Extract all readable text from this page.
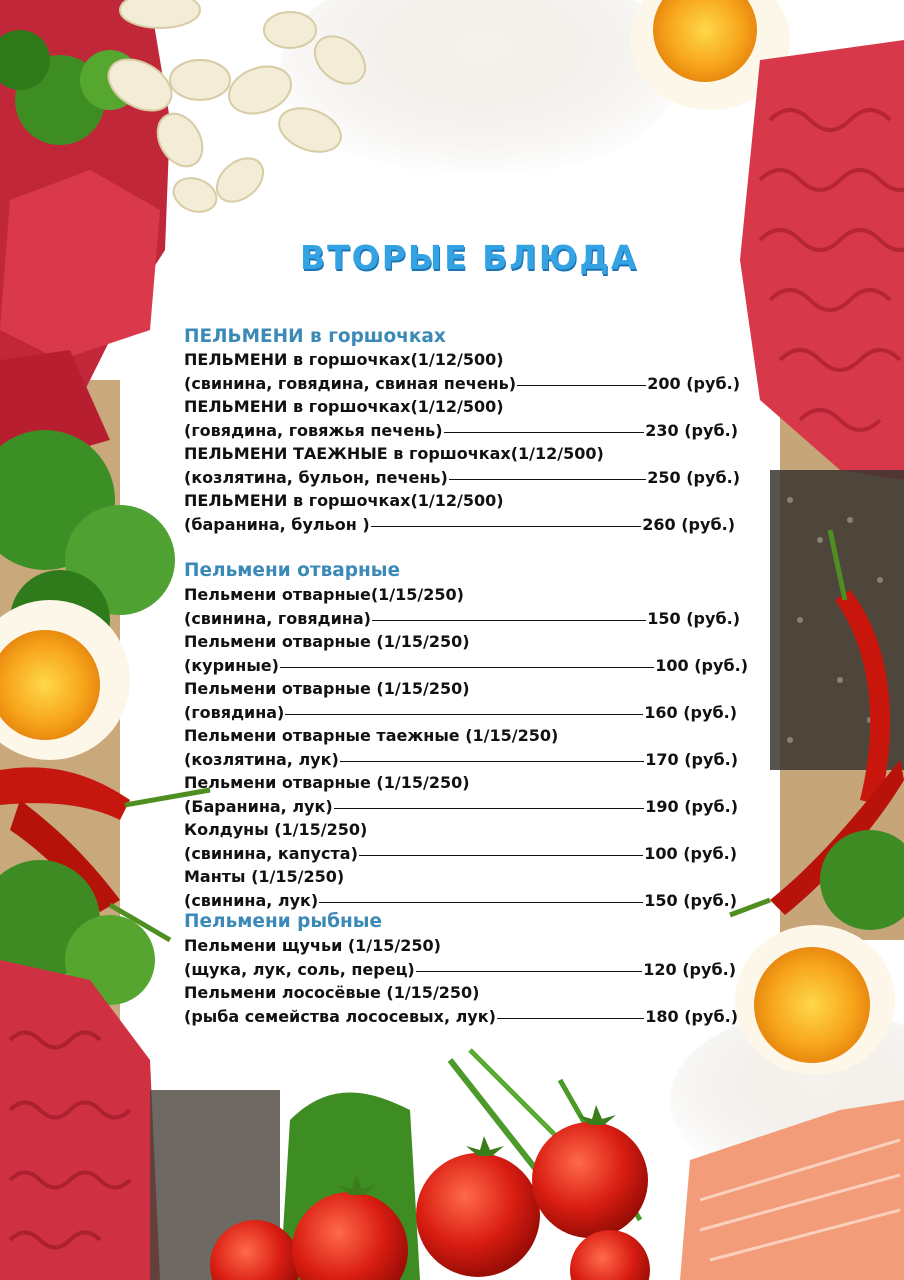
ВТОРЫЕ БЛЮДА
ПЕЛЬМЕНИ в горшочках
ПЕЛЬМЕНИ в горшочках(1/12/500)
(свинина, говядина, свиная печень)	200 (руб.)
ПЕЛЬМЕНИ в горшочках(1/12/500)
(говядина, говяжья печень)	230 (руб.)
ПЕЛЬМЕНИ ТАЕЖНЫЕ в горшочках(1/12/500)
(козлятина, бульон, печень)	250 (руб.)
ПЕЛЬМЕНИ в горшочках(1/12/500)
(баранина, бульон )	260 (руб.)
Пельмени отварные
Пельмени отварные(1/15/250)
(свинина, говядина)	150 (руб.)
Пельмени отварные (1/15/250)
(куриные)	100 (руб.)
Пельмени отварные (1/15/250)
(говядина)	160 (руб.)
Пельмени отварные таежные (1/15/250)
(козлятина, лук)	170 (руб.)
Пельмени отварные (1/15/250)
(Баранина, лук)	190 (руб.)
Колдуны (1/15/250)
(свинина, капуста)	100 (руб.)
Манты (1/15/250)
(свинина, лук)	150 (руб.)
Пельмени рыбные
Пельмени щучьи (1/15/250)
(щука, лук, соль, перец)	120 (руб.)
Пельмени лососёвые (1/15/250)
(рыба семейства лососевых, лук)	180 (руб.)
